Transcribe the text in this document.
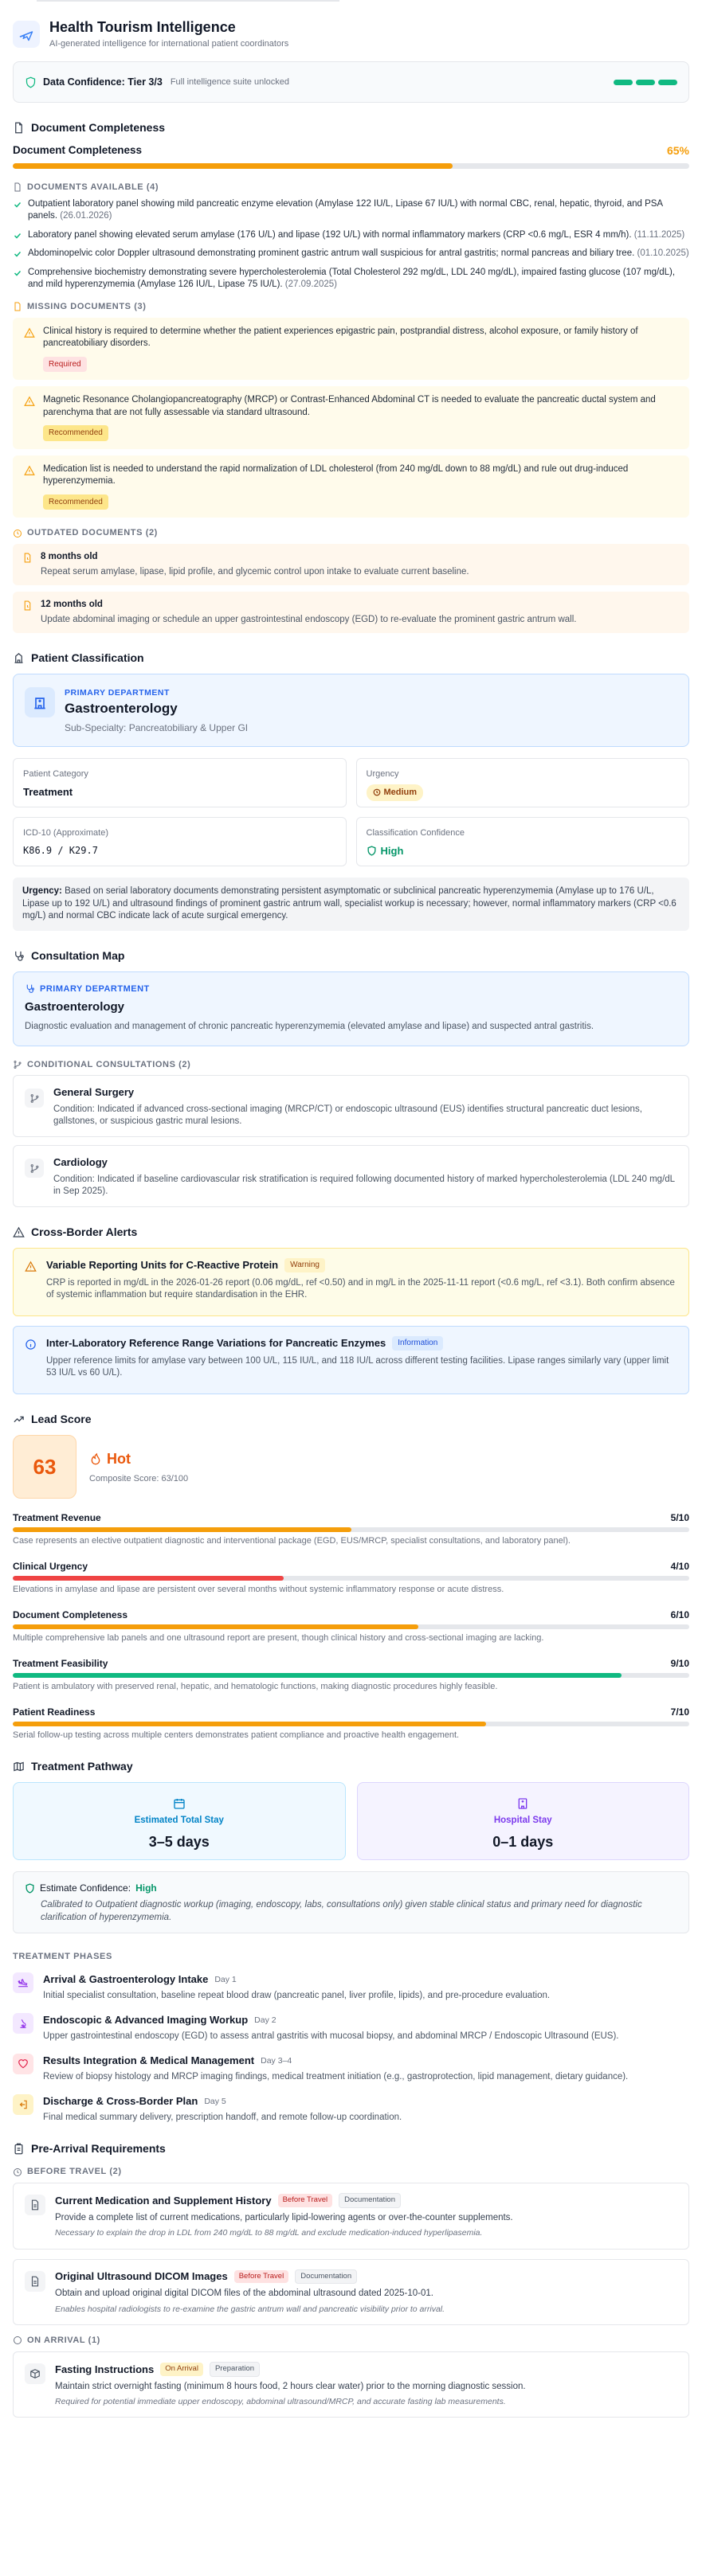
Health Tourism Intelligence
AI-generated intelligence for international patient coordinators
Data Confidence: Tier 3/3 Full intelligence suite unlocked
Document Completeness
Document Completeness	65%
DOCUMENTS AVAILABLE (4)
Outpatient laboratory panel showing mild pancreatic enzyme elevation (Amylase 122 IU/L, Lipase 67 IU/L) with normal CBC, renal, hepatic, thyroid, and PSA panels. (26.01.2026)
Laboratory panel showing elevated serum amylase (176 U/L) and lipase (192 U/L) with normal inflammatory markers (CRP <0.6 mg/L, ESR 4 mm/h). (11.11.2025)
Abdominopelvic color Doppler ultrasound demonstrating prominent gastric antrum wall suspicious for antral gastritis; normal pancreas and biliary tree. (01.10.2025)
Comprehensive biochemistry demonstrating severe hypercholesterolemia (Total Cholesterol 292 mg/dL, LDL 240 mg/dL), impaired fasting glucose (107 mg/dL), and mild hyperenzymemia (Amylase 126 IU/L, Lipase 75 IU/L). (27.09.2025)
MISSING DOCUMENTS (3)
Clinical history is required to determine whether the patient experiences epigastric pain, postprandial distress, alcohol exposure, or family history of pancreatobiliary disorders.
Required
Magnetic Resonance Cholangiopancreatography (MRCP) or Contrast-Enhanced Abdominal CT is needed to evaluate the pancreatic ductal system and parenchyma that are not fully assessable via standard ultrasound.
Recommended
Medication list is needed to understand the rapid normalization of LDL cholesterol (from 240 mg/dL down to 88 mg/dL) and rule out drug-induced hyperenzymemia.
Recommended
OUTDATED DOCUMENTS (2)
8 months old
Repeat serum amylase, lipase, lipid profile, and glycemic control upon intake to evaluate current baseline.
12 months old
Update abdominal imaging or schedule an upper gastrointestinal endoscopy (EGD) to re-evaluate the prominent gastric antrum wall.
Patient Classification
PRIMARY DEPARTMENT
Gastroenterology
Sub-Specialty: Pancreatobiliary & Upper GI
Patient Category
Treatment
Urgency
Medium
ICD-10 (Approximate)
K86.9 / K29.7
Classification Confidence
High
Urgency: Based on serial laboratory documents demonstrating persistent asymptomatic or subclinical pancreatic hyperenzymemia (Amylase up to 176 U/L, Lipase up to 192 U/L) and ultrasound findings of prominent gastric antrum wall, specialist workup is necessary; however, normal inflammatory markers (CRP <0.6 mg/L) and normal CBC indicate lack of acute surgical emergency.
Consultation Map
PRIMARY DEPARTMENT
Gastroenterology
Diagnostic evaluation and management of chronic pancreatic hyperenzymemia (elevated amylase and lipase) and suspected antral gastritis.
CONDITIONAL CONSULTATIONS (2)
General Surgery
Condition: Indicated if advanced cross-sectional imaging (MRCP/CT) or endoscopic ultrasound (EUS) identifies structural pancreatic duct lesions, gallstones, or suspicious gastric mural lesions.
Cardiology
Condition: Indicated if baseline cardiovascular risk stratification is required following documented history of marked hypercholesterolemia (LDL 240 mg/dL in Sep 2025).
Cross-Border Alerts
Variable Reporting Units for C-Reactive Protein	Warning
CRP is reported in mg/dL in the 2026-01-26 report (0.06 mg/dL, ref <0.50) and in mg/L in the 2025-11-11 report (<0.6 mg/L, ref <3.1). Both confirm absence of systemic inflammation but require standardisation in the EHR.
Inter-Laboratory Reference Range Variations for Pancreatic Enzymes	Information
Upper reference limits for amylase vary between 100 U/L, 115 IU/L, and 118 IU/L across different testing facilities. Lipase ranges similarly vary (upper limit 53 IU/L vs 60 U/L).
Lead Score
63	Hot
Composite Score: 63/100
Treatment Revenue	5/10
Case represents an elective outpatient diagnostic and interventional package (EGD, EUS/MRCP, specialist consultations, and laboratory panel).
Clinical Urgency	4/10
Elevations in amylase and lipase are persistent over several months without systemic inflammatory response or acute distress.
Document Completeness	6/10
Multiple comprehensive lab panels and one ultrasound report are present, though clinical history and cross-sectional imaging are lacking.
Treatment Feasibility	9/10
Patient is ambulatory with preserved renal, hepatic, and hematologic functions, making diagnostic procedures highly feasible.
Patient Readiness	7/10
Serial follow-up testing across multiple centers demonstrates patient compliance and proactive health engagement.
Treatment Pathway
Estimated Total Stay
3–5 days
Hospital Stay
0–1 days
Estimate Confidence: High
Calibrated to Outpatient diagnostic workup (imaging, endoscopy, labs, consultations only) given stable clinical status and primary need for diagnostic clarification of hyperenzymemia.
TREATMENT PHASES
Arrival & Gastroenterology Intake Day 1
Initial specialist consultation, baseline repeat blood draw (pancreatic panel, liver profile, lipids), and pre-procedure evaluation.
Endoscopic & Advanced Imaging Workup Day 2
Upper gastrointestinal endoscopy (EGD) to assess antral gastritis with mucosal biopsy, and abdominal MRCP / Endoscopic Ultrasound (EUS).
Results Integration & Medical Management Day 3–4
Review of biopsy histology and MRCP imaging findings, medical treatment initiation (e.g., gastroprotection, lipid management, dietary guidance).
Discharge & Cross-Border Plan Day 5
Final medical summary delivery, prescription handoff, and remote follow-up coordination.
Pre-Arrival Requirements
BEFORE TRAVEL (2)
Current Medication and Supplement History	Before Travel	Documentation
Provide a complete list of current medications, particularly lipid-lowering agents or over-the-counter supplements.
Necessary to explain the drop in LDL from 240 mg/dL to 88 mg/dL and exclude medication-induced hyperlipasemia.
Original Ultrasound DICOM Images	Before Travel	Documentation
Obtain and upload original digital DICOM files of the abdominal ultrasound dated 2025-10-01.
Enables hospital radiologists to re-examine the gastric antrum wall and pancreatic visibility prior to arrival.
ON ARRIVAL (1)
Fasting Instructions	On Arrival	Preparation
Maintain strict overnight fasting (minimum 8 hours food, 2 hours clear water) prior to the morning diagnostic session.
Required for potential immediate upper endoscopy, abdominal ultrasound/MRCP, and accurate fasting lab measurements.
